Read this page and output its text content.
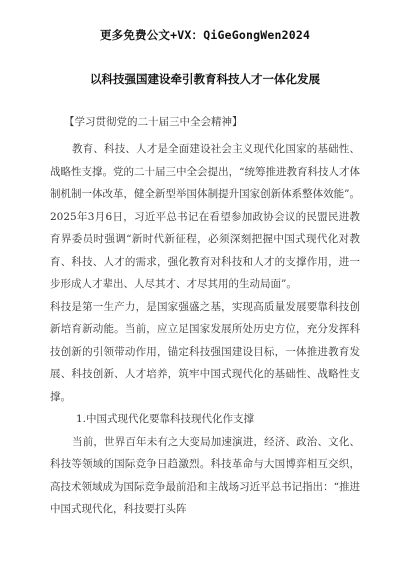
更多免费公文+VX：QiGeGongWen2024
以科技强国建设牵引教育科技人才一体化发展
【学习贯彻党的二十届三中全会精神】

教育、科技、人才是全面建设社会主义现代化国家的基础性、战略性支撑。党的二十届三中全会提出，“统筹推进教育科技人才体制机制一体改革，健全新型举国体制提升国家创新体系整体效能”。2025年3月6日，习近平总书记在看望参加政协会议的民盟民进教育界委员时强调“新时代新征程，必须深刻把握中国式现代化对教育、科技、人才的需求，强化教育对科技和人才的支撑作用，进一步形成人才辈出、人尽其才、才尽其用的生动局面”。

科技是第一生产力，是国家强盛之基，实现高质量发展要靠科技创新培育新动能。当前，应立足国家发展所处历史方位，充分发挥科技创新的引领带动作用，锚定科技强国建设目标，一体推进教育发展、科技创新、人才培养，筑牢中国式现代化的基础性、战略性支撑。

1.中国式现代化要靠科技现代化作支撑

当前，世界百年未有之大变局加速演进，经济、政治、文化、科技等领域的国际竞争日趋激烈。科技革命与大国博弈相互交织，高技术领域成为国际竞争最前沿和主战场习近平总书记指出：“推进中国式现代化，科技要打头阵
